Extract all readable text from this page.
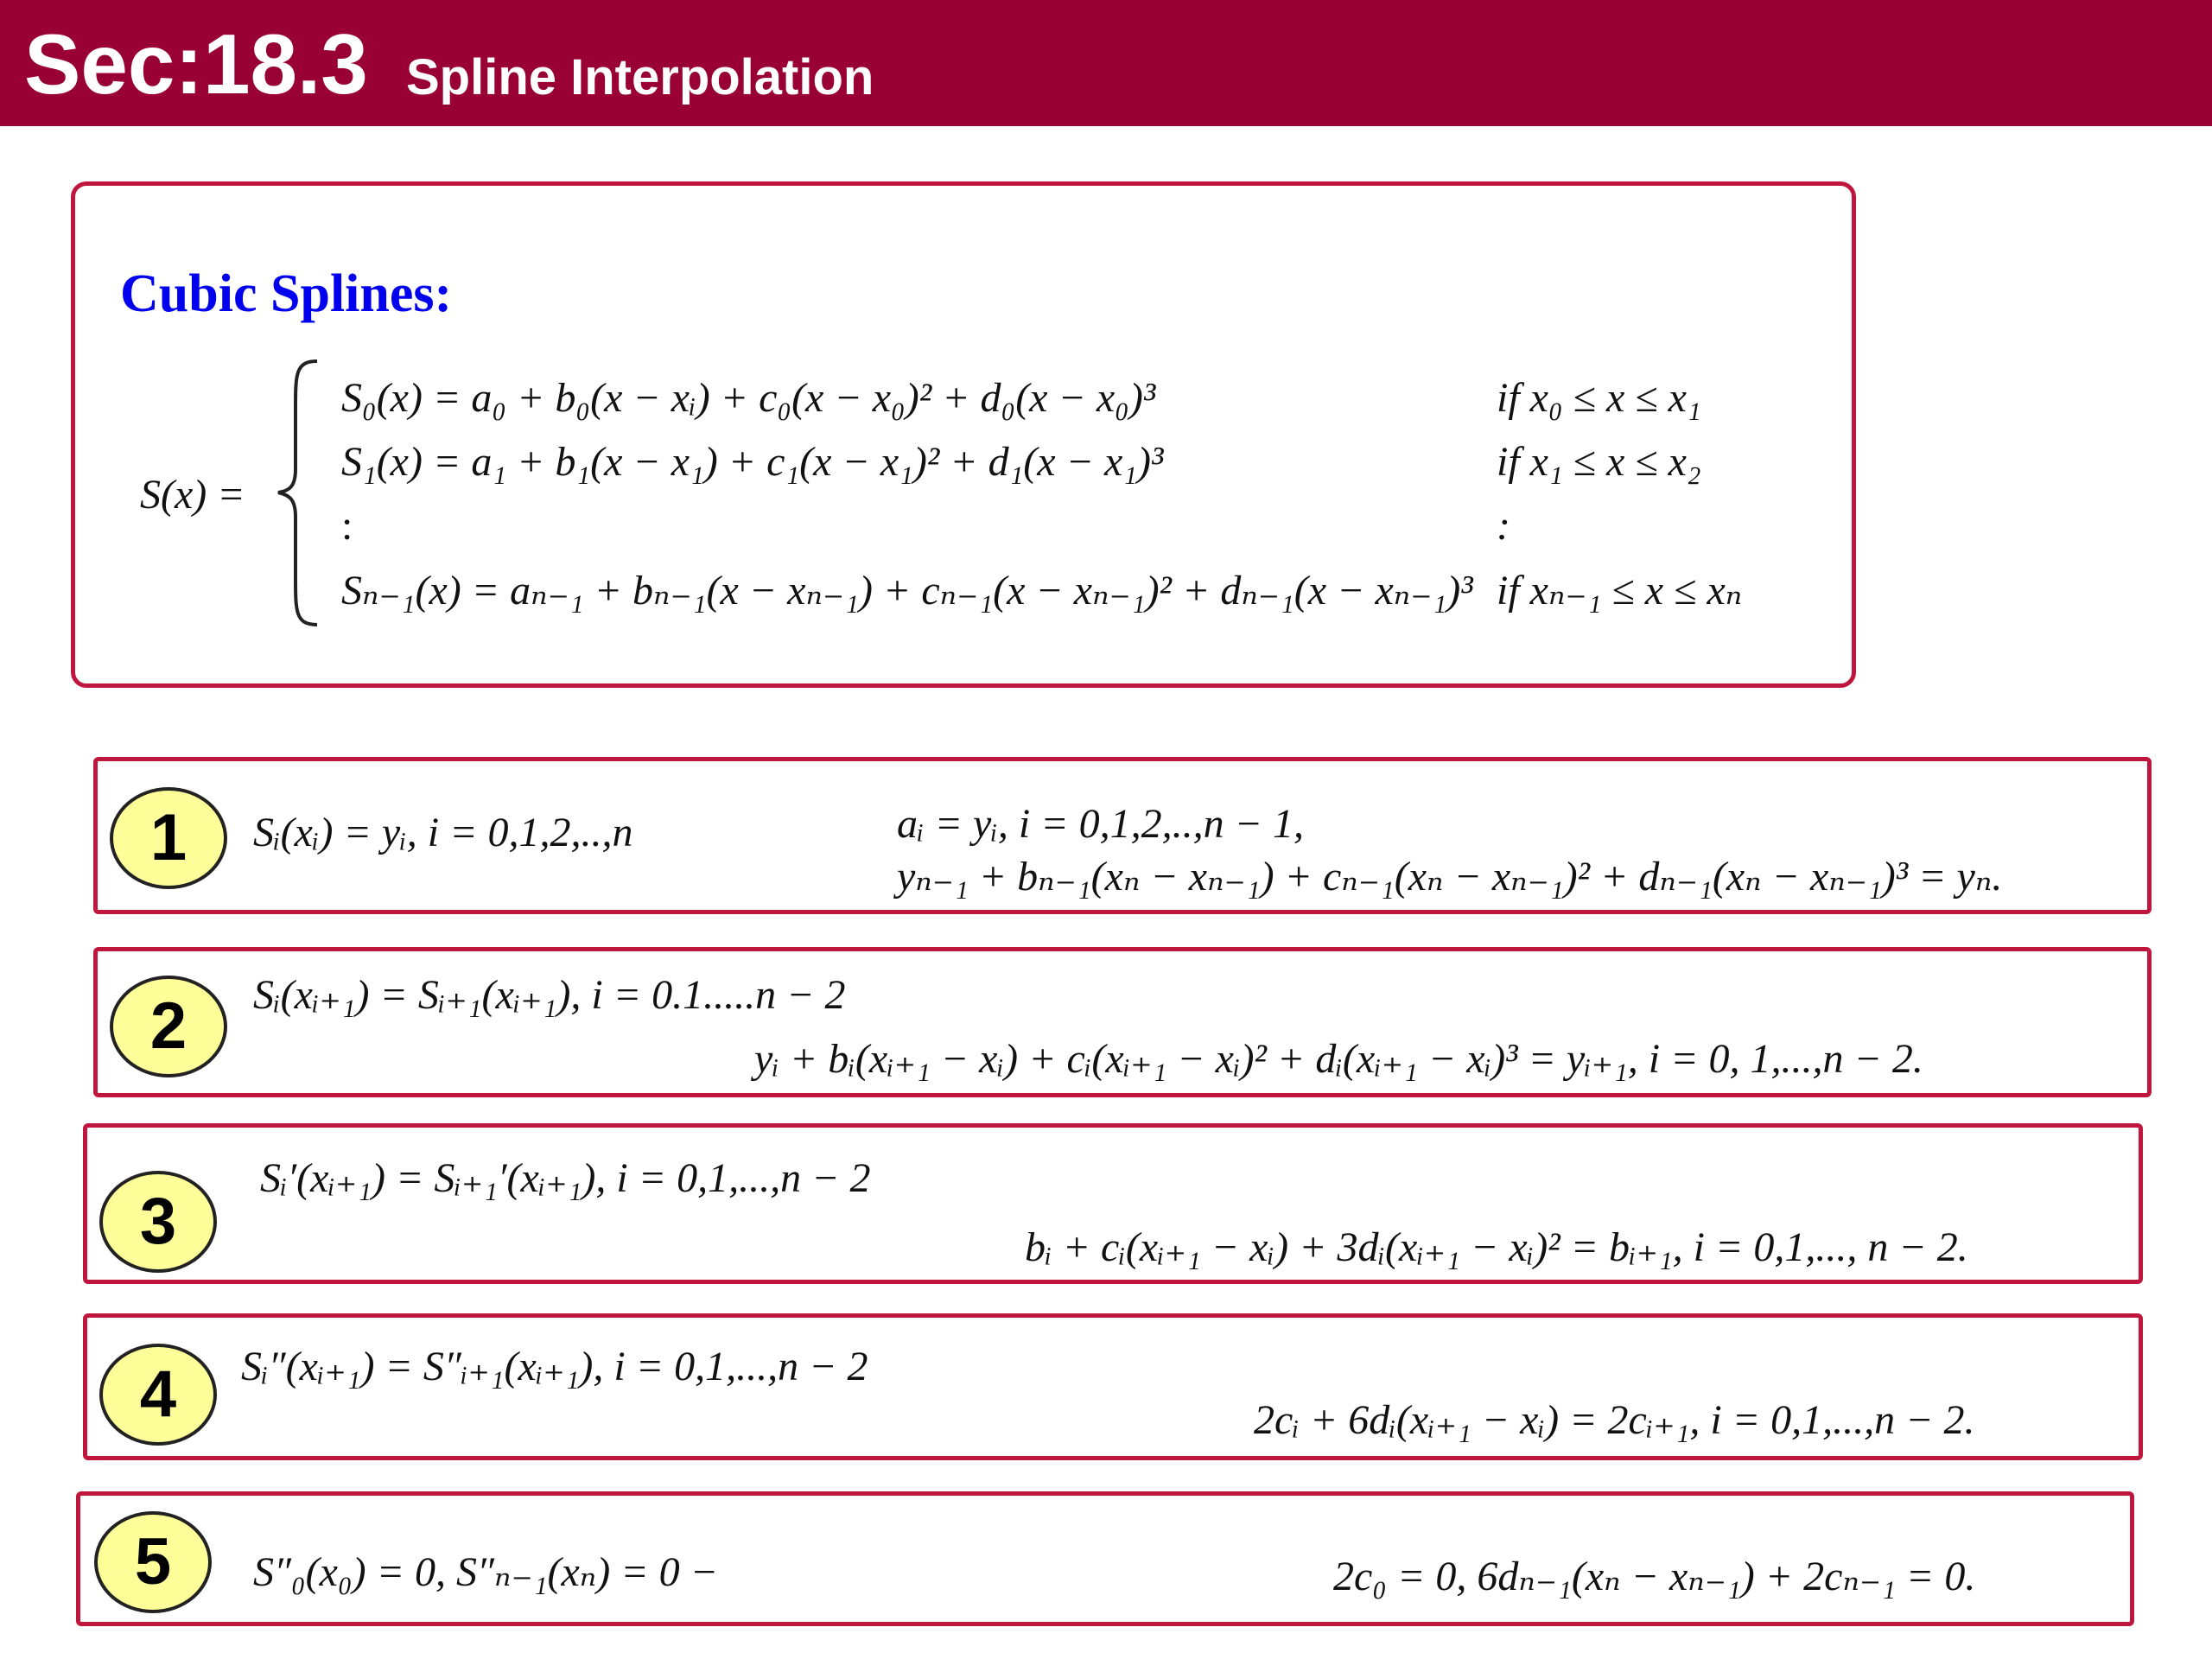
Sec:18.3 Spline Interpolation
Cubic Splines:
S(x) =
S₀(x) = a₀ + b₀(x − xᵢ) + c₀(x − x₀)² + d₀(x − x₀)³	if x₀ ≤ x ≤ x₁
S₁(x) = a₁ + b₁(x − x₁) + c₁(x − x₁)² + d₁(x − x₁)³	if x₁ ≤ x ≤ x₂
:	:
Sₙ₋₁(x) = aₙ₋₁ + bₙ₋₁(x − xₙ₋₁) + cₙ₋₁(x − xₙ₋₁)² + dₙ₋₁(x − xₙ₋₁)³ if xₙ₋₁ ≤ x ≤ xₙ
1	Sᵢ(xᵢ) = yᵢ, i = 0,1,2,..,n	aᵢ = yᵢ, i = 0,1,2,..,n − 1,
yₙ₋₁ + bₙ₋₁(xₙ − xₙ₋₁) + cₙ₋₁(xₙ − xₙ₋₁)² + dₙ₋₁(xₙ − xₙ₋₁)³ = yₙ.
2	Sᵢ(xᵢ₊₁) = Sᵢ₊₁(xᵢ₊₁), i = 0.1.....n − 2
yᵢ + bᵢ(xᵢ₊₁ − xᵢ) + cᵢ(xᵢ₊₁ − xᵢ)² + dᵢ(xᵢ₊₁ − xᵢ)³ = yᵢ₊₁, i = 0, 1,...,n − 2.
3
Sᵢ′(xᵢ₊₁) = Sᵢ₊₁′(xᵢ₊₁), i = 0,1,...,n − 2
bᵢ + cᵢ(xᵢ₊₁ − xᵢ) + 3dᵢ(xᵢ₊₁ − xᵢ)² = bᵢ₊₁, i = 0,1,..., n − 2.
4	Sᵢ″(xᵢ₊₁) = S″ᵢ₊₁(xᵢ₊₁), i = 0,1,...,n − 2
2cᵢ + 6dᵢ(xᵢ₊₁ − xᵢ) = 2cᵢ₊₁, i = 0,1,...,n − 2.
5	S″₀(x₀) = 0, S″ₙ₋₁(xₙ) = 0 −	2c₀ = 0, 6dₙ₋₁(xₙ − xₙ₋₁) + 2cₙ₋₁ = 0.
